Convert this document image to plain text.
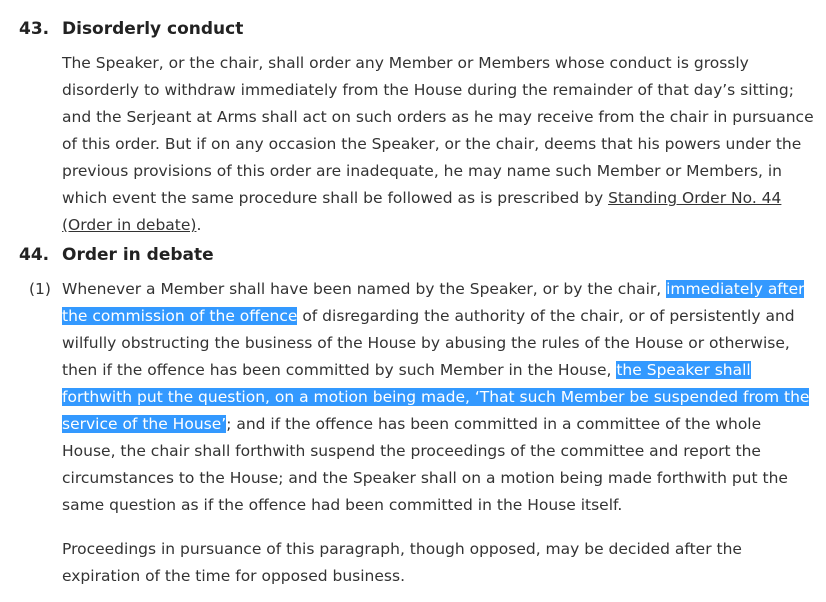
43. Disorderly conduct

The Speaker, or the chair, shall order any Member or Members whose conduct is grossly disorderly to withdraw immediately from the House during the remainder of that day’s sitting; and the Serjeant at Arms shall act on such orders as he may receive from the chair in pursuance of this order. But if on any occasion the Speaker, or the chair, deems that his powers under the previous provisions of this order are inadequate, he may name such Member or Members, in which event the same procedure shall be followed as is prescribed by Standing Order No. 44 (Order in debate).

44. Order in debate
(1) Whenever a Member shall have been named by the Speaker, or by the chair, immediately after the commission of the offence of disregarding the authority of the chair, or of persistently and wilfully obstructing the business of the House by abusing the rules of the House or otherwise, then if the offence has been committed by such Member in the House, the Speaker shall forthwith put the question, on a motion being made, ‘That such Member be suspended from the service of the House’; and if the offence has been committed in a committee of the whole House, the chair shall forthwith suspend the proceedings of the committee and report the circumstances to the House; and the Speaker shall on a motion being made forthwith put the same question as if the offence had been committed in the House itself.

Proceedings in pursuance of this paragraph, though opposed, may be decided after the expiration of the time for opposed business.
